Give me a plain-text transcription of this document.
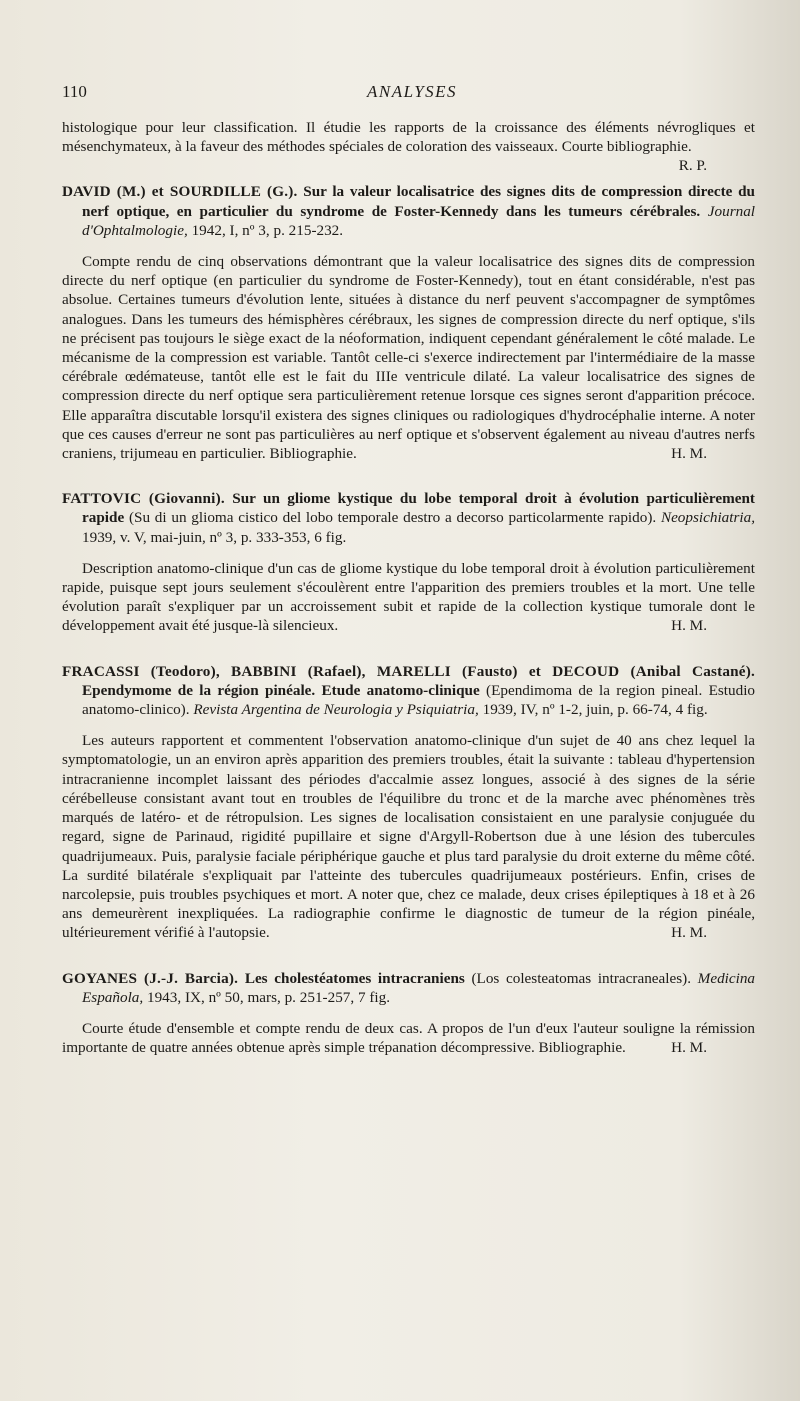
110	ANALYSES

histologique pour leur classification. Il étudie les rapports de la croissance des éléments névrogliques et mésenchymateux, à la faveur des méthodes spéciales de coloration des vaisseaux. Courte bibliographie.
R. P.

DAVID (M.) et SOURDILLE (G.). Sur la valeur localisatrice des signes dits de compression directe du nerf optique, en particulier du syndrome de Foster-Kennedy dans les tumeurs cérébrales. Journal d'Ophtalmologie, 1942, I, nº 3, p. 215-232.

Compte rendu de cinq observations démontrant que la valeur localisatrice des signes dits de compression directe du nerf optique (en particulier du syndrome de Foster-Kennedy), tout en étant considérable, n'est pas absolue. Certaines tumeurs d'évolution lente, situées à distance du nerf peuvent s'accompagner de symptômes analogues. Dans les tumeurs des hémisphères cérébraux, les signes de compression directe du nerf optique, s'ils ne précisent pas toujours le siège exact de la néoformation, indiquent cependant généralement le côté malade. Le mécanisme de la compression est variable. Tantôt celle-ci s'exerce indirectement par l'intermédiaire de la masse cérébrale œdémateuse, tantôt elle est le fait du IIIe ventricule dilaté. La valeur localisatrice des signes de compression directe du nerf optique sera particulièrement retenue lorsque ces signes seront d'apparition précoce. Elle apparaîtra discutable lorsqu'il existera des signes cliniques ou radiologiques d'hydrocéphalie interne. A noter que ces causes d'erreur ne sont pas particulières au nerf optique et s'observent également au niveau d'autres nerfs craniens, trijumeau en particulier. Bibliographie.	H. M.

FATTOVIC (Giovanni). Sur un gliome kystique du lobe temporal droit à évolution particulièrement rapide (Su di un glioma cistico del lobo temporale destro a decorso particolarmente rapido). Neopsichiatria, 1939, v. V, mai-juin, nº 3, p. 333-353, 6 fig.

Description anatomo-clinique d'un cas de gliome kystique du lobe temporal droit à évolution particulièrement rapide, puisque sept jours seulement s'écoulèrent entre l'apparition des premiers troubles et la mort. Une telle évolution paraît s'expliquer par un accroissement subit et rapide de la collection kystique tumorale dont le développement avait été jusque-là silencieux.	H. M.

FRACASSI (Teodoro), BABBINI (Rafael), MARELLI (Fausto) et DECOUD (Anibal Castané). Ependymome de la région pinéale. Etude anatomo-clinique (Ependimoma de la region pineal. Estudio anatomo-clinico). Revista Argentina de Neurologia y Psiquiatria, 1939, IV, nº 1-2, juin, p. 66-74, 4 fig.

Les auteurs rapportent et commentent l'observation anatomo-clinique d'un sujet de 40 ans chez lequel la symptomatologie, un an environ après apparition des premiers troubles, était la suivante : tableau d'hypertension intracranienne incomplet laissant des périodes d'accalmie assez longues, associé à des signes de la série cérébelleuse consistant avant tout en troubles de l'équilibre du tronc et de la marche avec phénomènes très marqués de latéro- et de rétropulsion. Les signes de localisation consistaient en une paralysie conjuguée du regard, signe de Parinaud, rigidité pupillaire et signe d'Argyll-Robertson due à une lésion des tubercules quadrijumeaux. Puis, paralysie faciale périphérique gauche et plus tard paralysie du droit externe du même côté. La surdité bilatérale s'expliquait par l'atteinte des tubercules quadrijumeaux postérieurs. Enfin, crises de narcolepsie, puis troubles psychiques et mort. A noter que, chez ce malade, deux crises épileptiques à 18 et à 26 ans demeurèrent inexpliquées. La radiographie confirme le diagnostic de tumeur de la région pinéale, ultérieurement vérifié à l'autopsie.	H. M.

GOYANES (J.-J. Barcia). Les cholestéatomes intracraniens (Los colesteatomas intracraneales). Medicina Española, 1943, IX, nº 50, mars, p. 251-257, 7 fig.

Courte étude d'ensemble et compte rendu de deux cas. A propos de l'un d'eux l'auteur souligne la rémission importante de quatre années obtenue après simple trépanation décompressive. Bibliographie.	H. M.
